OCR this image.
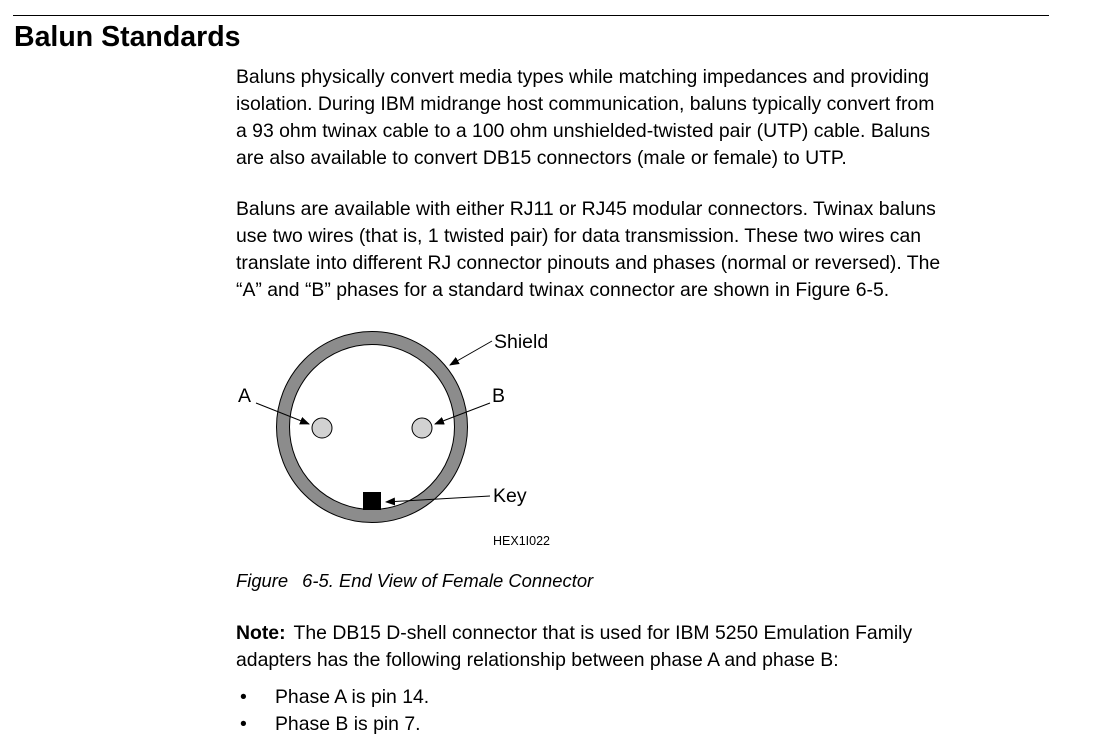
Balun Standards
Baluns physically convert media types while matching impedances and providing
isolation. During IBM midrange host communication, baluns typically convert from
a 93 ohm twinax cable to a 100 ohm unshielded-twisted pair (UTP) cable. Baluns
are also available to convert DB15 connectors (male or female) to UTP.
Baluns are available with either RJ11 or RJ45 modular connectors. Twinax baluns
use two wires (that is, 1 twisted pair) for data transmission. These two wires can
translate into different RJ connector pinouts and phases (normal or reversed). The
“A” and “B” phases for a standard twinax connector are shown in Figure 6-5.
Shield
A	B
Key
HEX1I022

Figure 6-5. End View of Female Connector

Note: The DB15 D-shell connector that is used for IBM 5250 Emulation Family
adapters has the following relationship between phase A and phase B:
• Phase A is pin 14.
• Phase B is pin 7.
